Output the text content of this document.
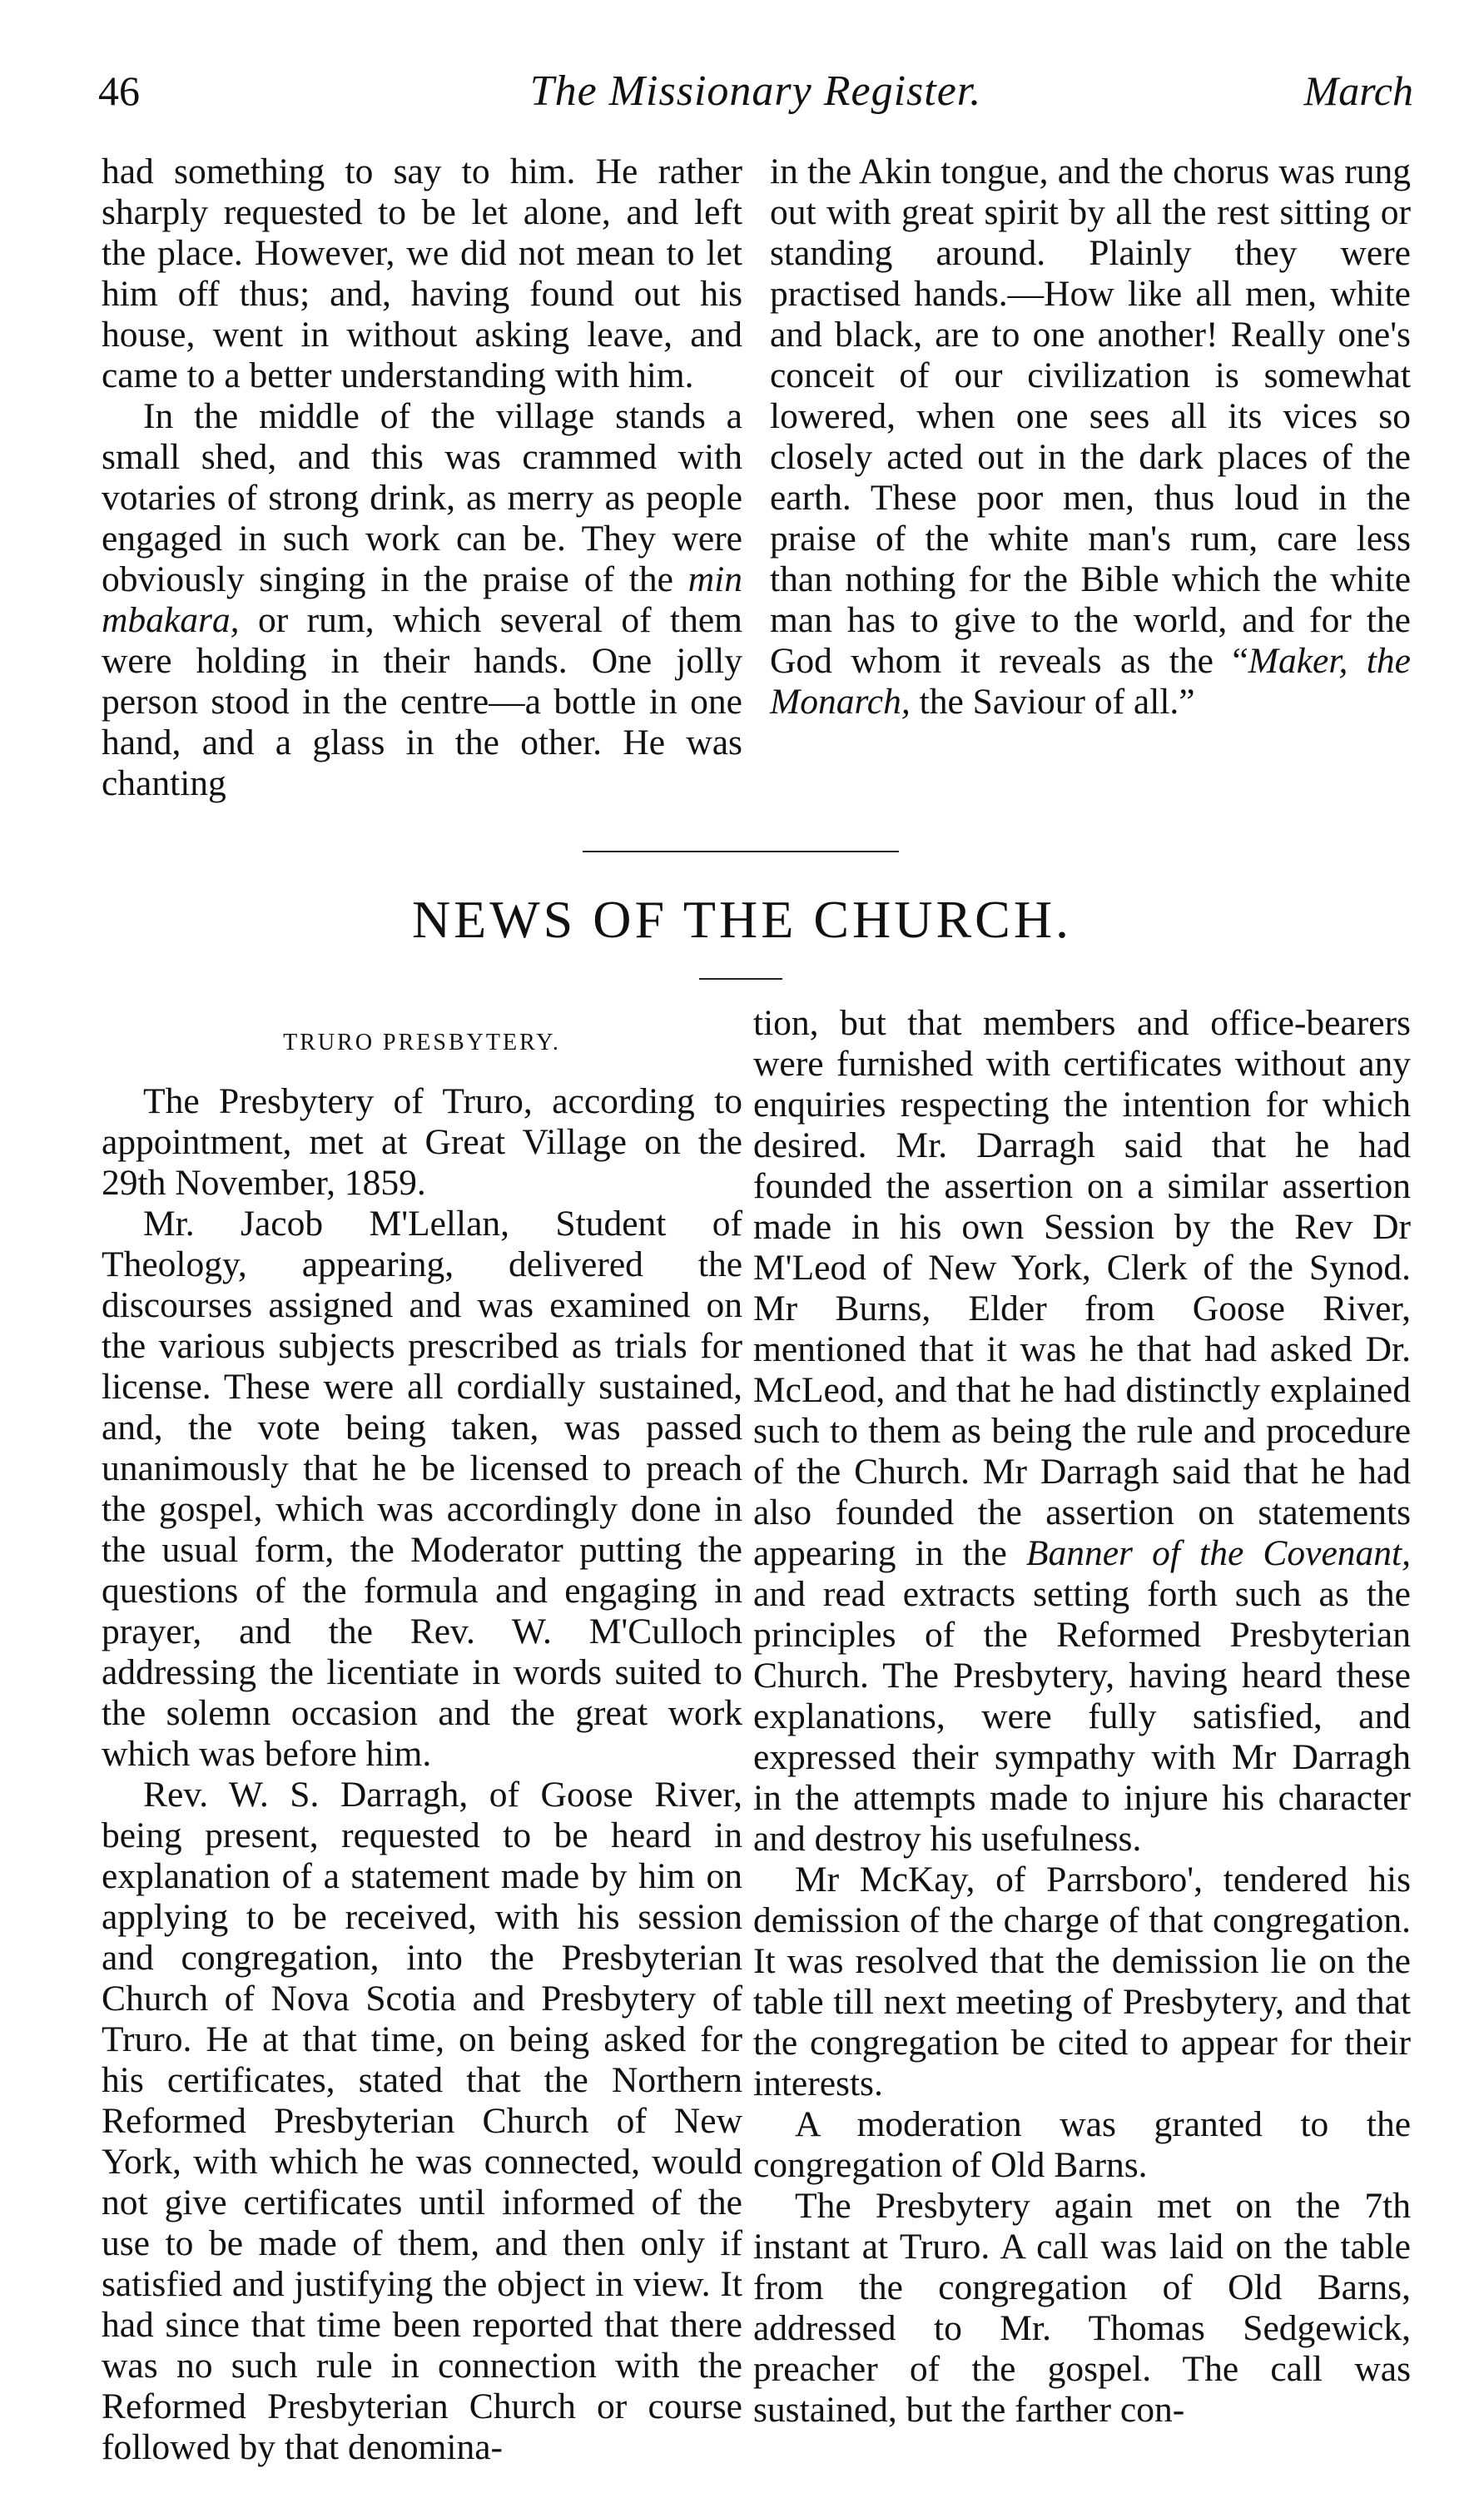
46	The Missionary Register.	March

had something to say to him. He rather sharply requested to be let alone, and left the place. However, we did not mean to let him off thus; and, having found out his house, went in without asking leave, and came to a better understanding with him.

In the middle of the village stands a small shed, and this was crammed with votaries of strong drink, as merry as people engaged in such work can be. They were obviously singing in the praise of the min mbakara, or rum, which several of them were holding in their hands. One jolly person stood in the centre—a bottle in one hand, and a glass in the other. He was chanting

in the Akin tongue, and the chorus was rung out with great spirit by all the rest sitting or standing around. Plainly they were practised hands.—How like all men, white and black, are to one another! Really one's conceit of our civilization is somewhat lowered, when one sees all its vices so closely acted out in the dark places of the earth. These poor men, thus loud in the praise of the white man's rum, care less than nothing for the Bible which the white man has to give to the world, and for the God whom it reveals as the “Maker, the Monarch, the Saviour of all.”

NEWS OF THE CHURCH.
TRURO PRESBYTERY.

The Presbytery of Truro, according to appointment, met at Great Village on the 29th November, 1859.

Mr. Jacob M'Lellan, Student of Theology, appearing, delivered the discourses assigned and was examined on the various subjects prescribed as trials for license. These were all cordially sustained, and, the vote being taken, was passed unanimously that he be licensed to preach the gospel, which was accordingly done in the usual form, the Moderator putting the questions of the formula and engaging in prayer, and the Rev. W. M'Culloch addressing the licentiate in words suited to the solemn occasion and the great work which was before him.

Rev. W. S. Darragh, of Goose River, being present, requested to be heard in explanation of a statement made by him on applying to be received, with his session and congregation, into the Presbyterian Church of Nova Scotia and Presbytery of Truro. He at that time, on being asked for his certificates, stated that the Northern Reformed Presbyterian Church of New York, with which he was connected, would not give certificates until informed of the use to be made of them, and then only if satisfied and justifying the object in view. It had since that time been reported that there was no such rule in connection with the Reformed Presbyterian Church or course followed by that denomina-

tion, but that members and office-bearers were furnished with certificates without any enquiries respecting the intention for which desired. Mr. Darragh said that he had founded the assertion on a similar assertion made in his own Session by the Rev Dr M'Leod of New York, Clerk of the Synod. Mr Burns, Elder from Goose River, mentioned that it was he that had asked Dr. McLeod, and that he had distinctly explained such to them as being the rule and procedure of the Church. Mr Darragh said that he had also founded the assertion on statements appearing in the Banner of the Covenant, and read extracts setting forth such as the principles of the Reformed Presbyterian Church. The Presbytery, having heard these explanations, were fully satisfied, and expressed their sympathy with Mr Darragh in the attempts made to injure his character and destroy his usefulness.

Mr McKay, of Parrsboro', tendered his demission of the charge of that congregation. It was resolved that the demission lie on the table till next meeting of Presbytery, and that the congregation be cited to appear for their interests.

A moderation was granted to the congregation of Old Barns.

The Presbytery again met on the 7th instant at Truro. A call was laid on the table from the congregation of Old Barns, addressed to Mr. Thomas Sedgewick, preacher of the gospel. The call was sustained, but the farther con-
